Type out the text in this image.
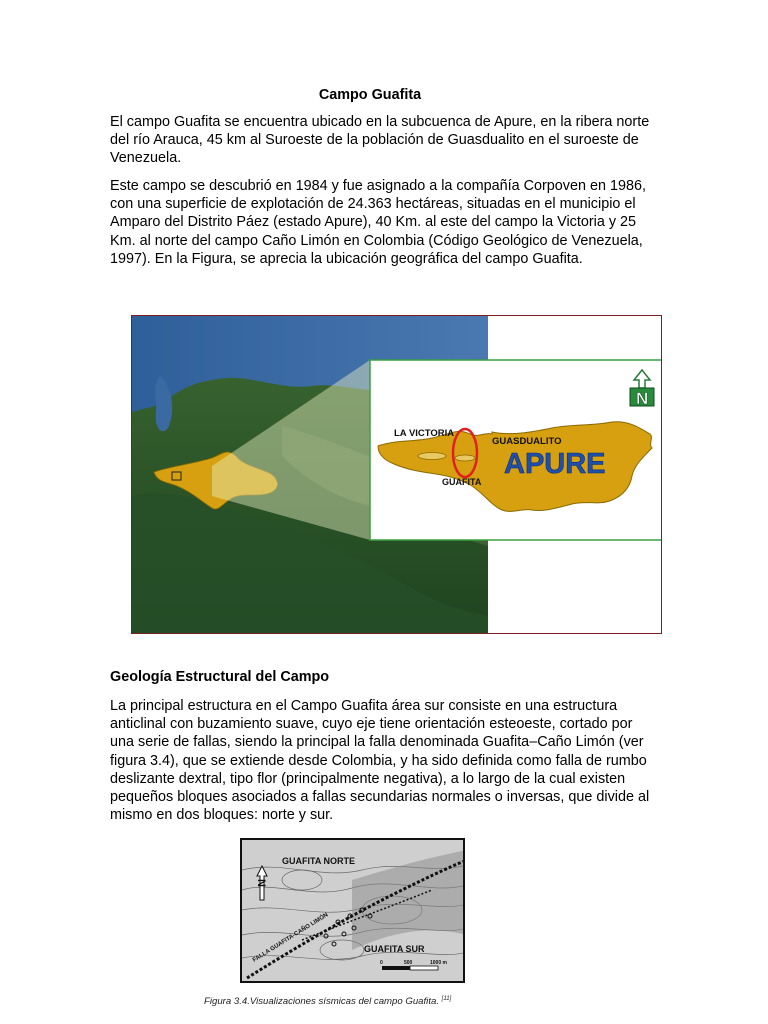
Campo Guafita

El campo Guafita se encuentra ubicado en la subcuenca de Apure, en la ribera norte del río Arauca, 45 km al Suroeste de la población de Guasdualito en el suroeste de Venezuela.

Este campo se descubrió en 1984 y fue asignado a la compañía Corpoven en 1986, con una superficie de explotación de 24.363 hectáreas, situadas en el municipio el Amparo del Distrito Páez (estado Apure), 40 Km. al este del campo la Victoria y 25 Km. al norte del campo Caño Limón en Colombia (Código Geológico de Venezuela, 1997). En la Figura, se aprecia la ubicación geográfica del campo Guafita.

LA VICTORIA
GUASDUALITO
APURE
GUAFITA
N
Geología Estructural del Campo

La principal estructura en el Campo Guafita área sur consiste en una estructura anticlinal con buzamiento suave, cuyo eje tiene orientación esteoeste, cortado por una serie de fallas, siendo la principal la falla denominada Guafita–Caño Limón (ver figura 3.4), que se extiende desde Colombia, y ha sido definida como falla de rumbo deslizante dextral, tipo flor (principalmente negativa), a lo largo de la cual existen pequeños bloques asociados a fallas secundarias normales o inversas, que divide al mismo en dos bloques: norte y sur.

GUAFITA NORTE
GUAFITA SUR
FALLA GUAFITA-CAÑO LIMÓN
N
0	500	1000 m
Figura 3.4.Visualizaciones sísmicas del campo Guafita. [11]
